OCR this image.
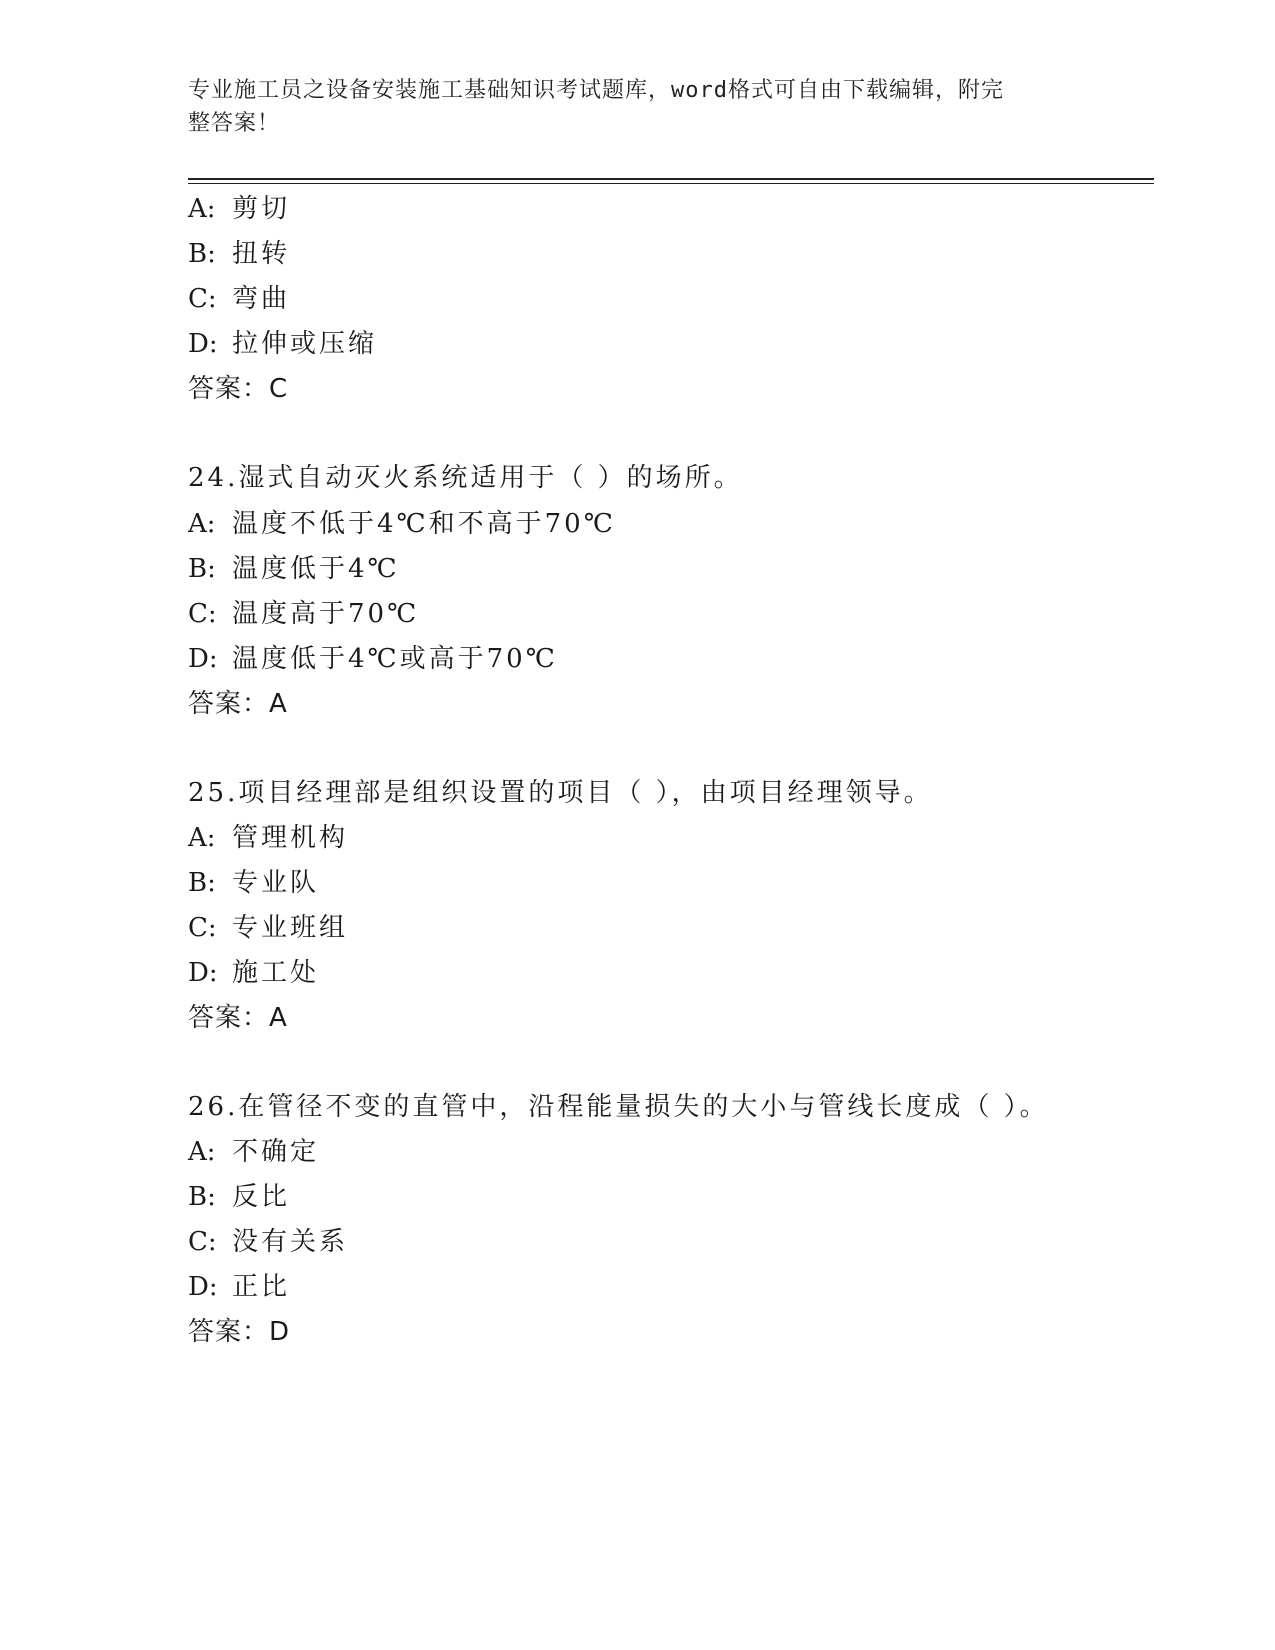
专业施工员之设备安装施工基础知识考试题库，word格式可自由下载编辑，附完
整答案！
A: 剪切
B: 扭转
C: 弯曲
D: 拉伸或压缩
答案：C
24.湿式自动灭火系统适用于（ ）的场所。
A: 温度不低于4℃和不高于70℃
B: 温度低于4℃
C: 温度高于70℃
D: 温度低于4℃或高于70℃
答案：A
25.项目经理部是组织设置的项目（ ），由项目经理领导。
A: 管理机构
B: 专业队
C: 专业班组
D: 施工处
答案：A
26.在管径不变的直管中，沿程能量损失的大小与管线长度成（ ）。
A: 不确定
B: 反比
C: 没有关系
D: 正比
答案：D
